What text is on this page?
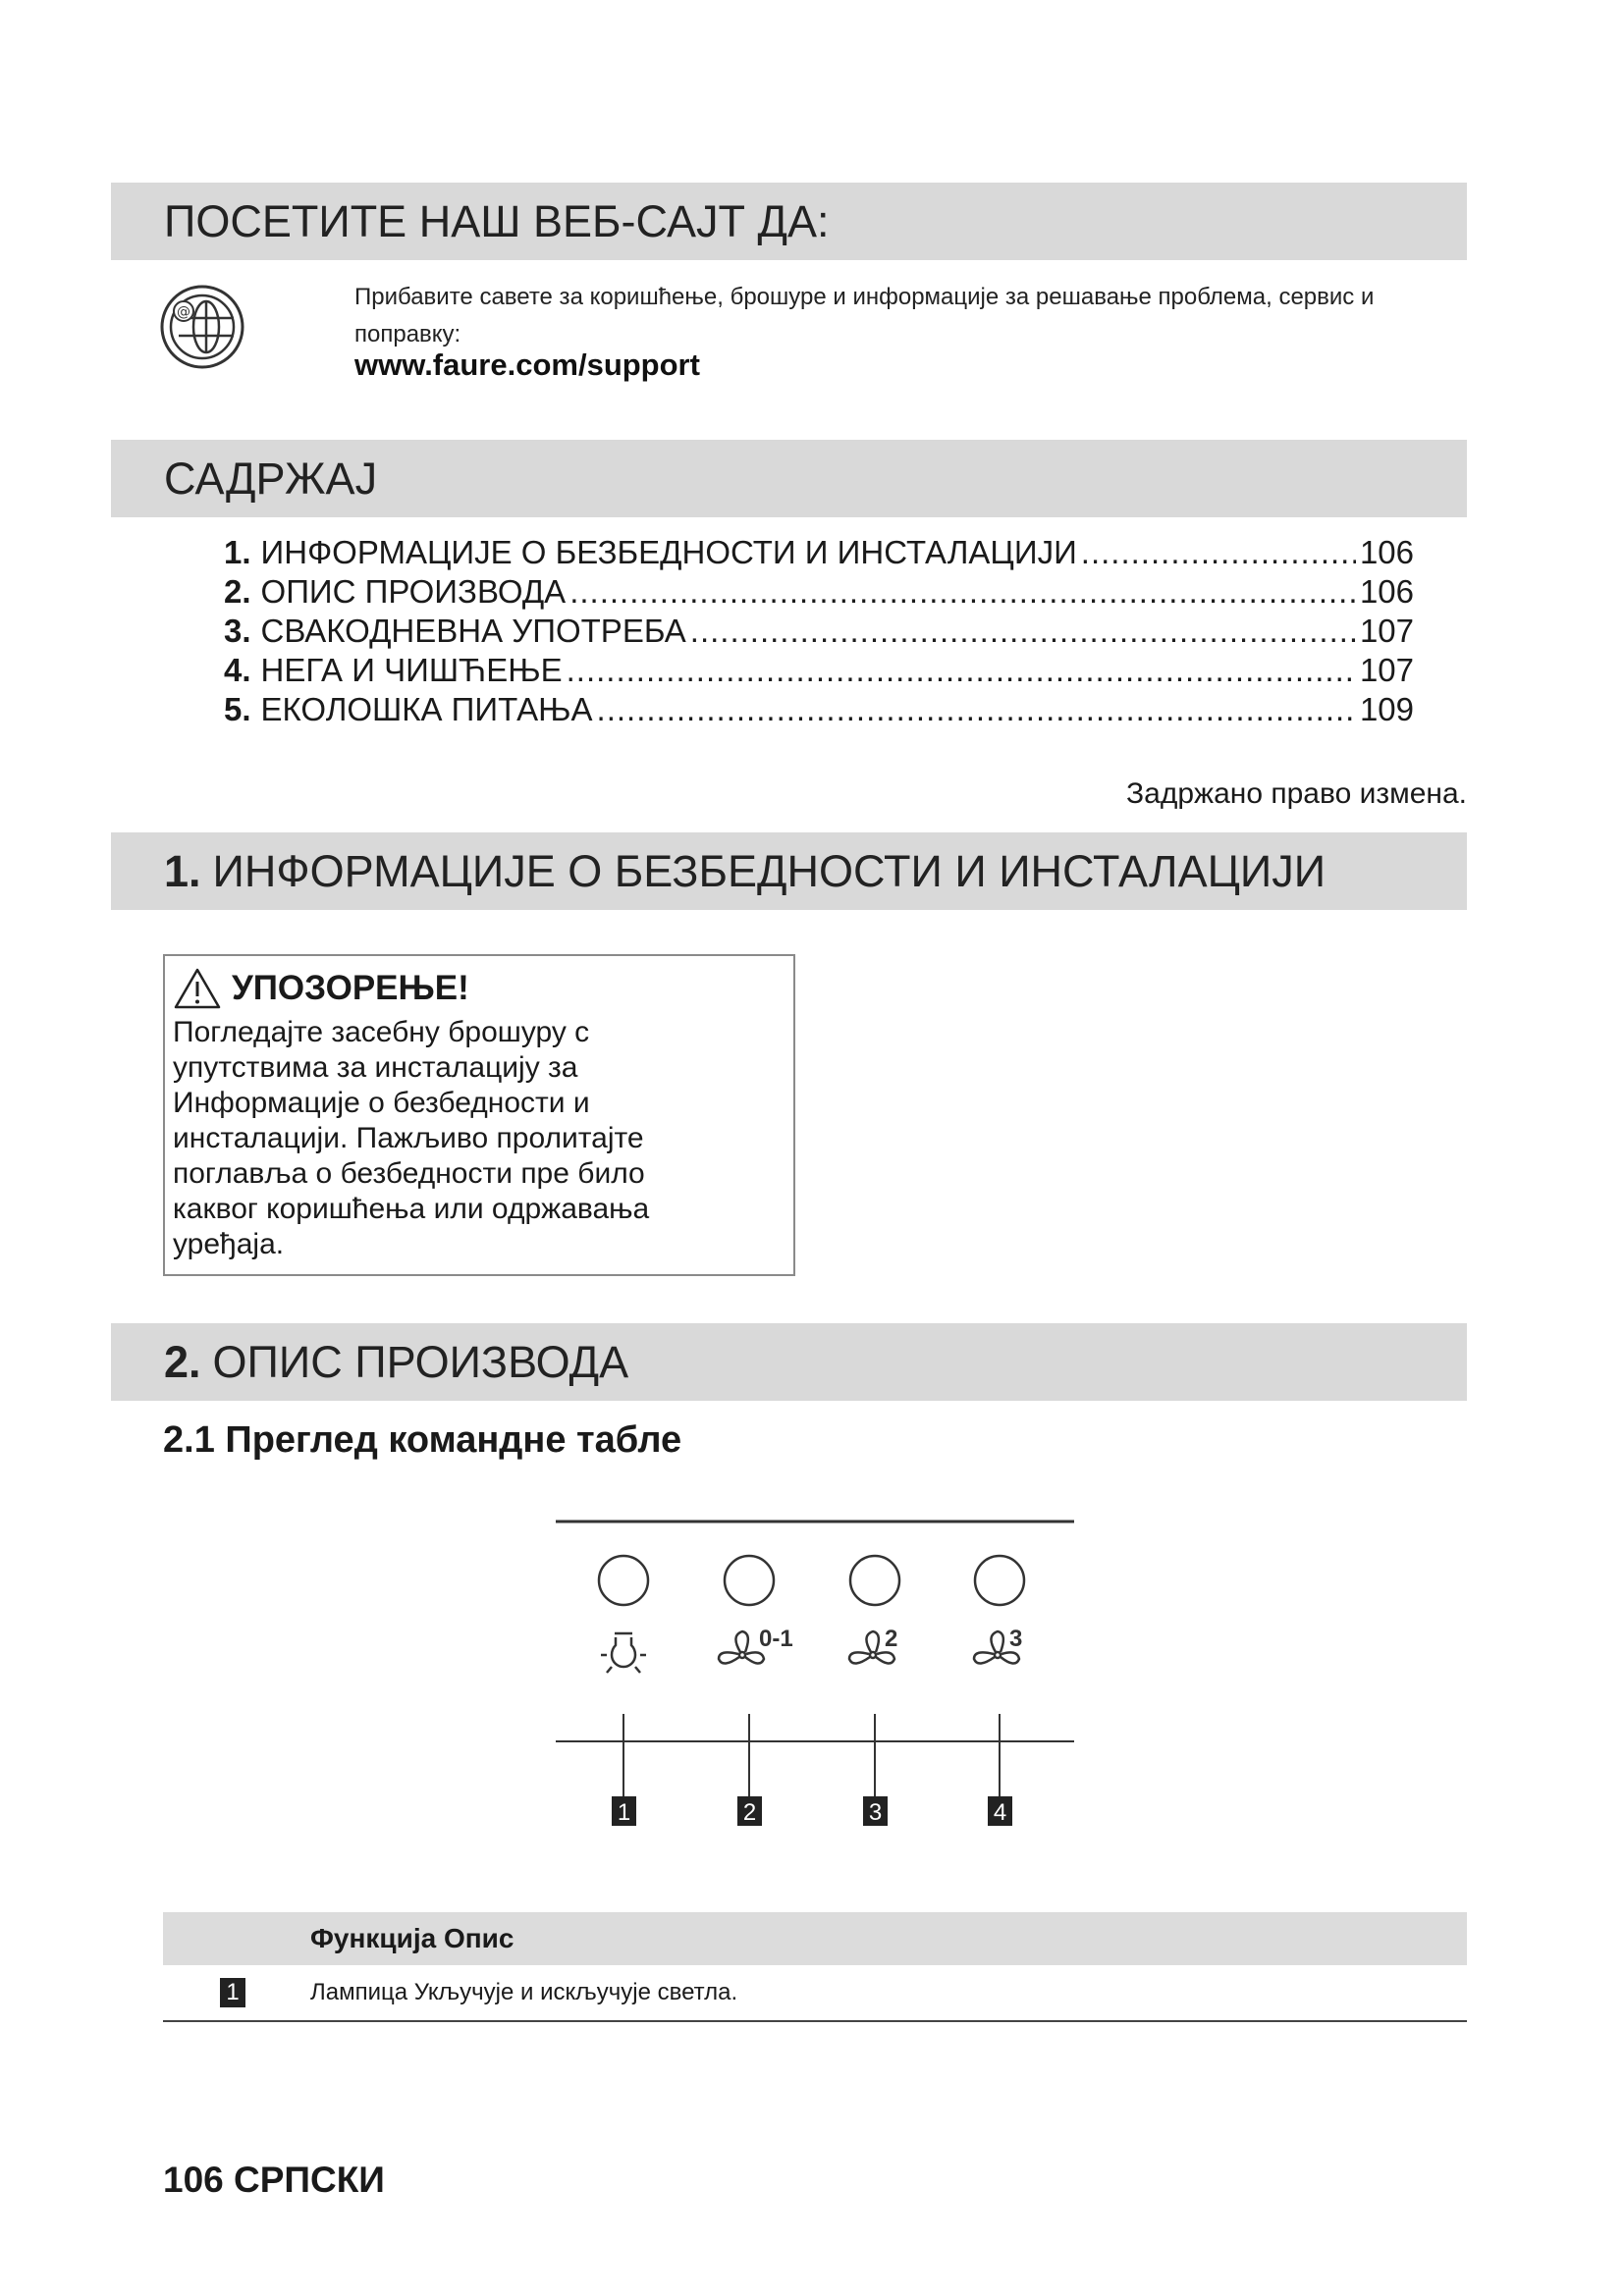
ПОСЕТИТЕ НАШ ВЕБ-САЈТ ДА:
@
Прибавите савете за коришћење, брошуре и информације за решавање проблема, сервис и поправку:
www.faure.com/support
САДРЖАЈ
1. ИНФОРМАЦИЈЕ О БЕЗБЕДНОСТИ И ИНСТАЛАЦИЈИ .....	106
2. ОПИС ПРОИЗВОДА .....	106
3. СВАКОДНЕВНА УПОТРЕБА .....	107
4. НЕГА И ЧИШЋЕЊЕ .....	107
5. ЕКОЛОШКА ПИТАЊА .....	109
Задржано право измена.
1. ИНФОРМАЦИЈЕ О БЕЗБЕДНОСТИ И ИНСТАЛАЦИЈИ
УПОЗОРЕЊЕ!
Погледајте засебну брошуру с
упутствима за инсталацију за
Информације о безбедности и
инсталацији. Пажљиво пролитајте
поглавља о безбедности пре било
каквог коришћења или одржавања
уређаја.
2. ОПИС ПРОИЗВОДА
2.1 Преглед командне табле
1
0-1
2
2
3
3
4
Функција Опис
1	Лампица Укључује и искључује светла.
106 СРПСКИ
